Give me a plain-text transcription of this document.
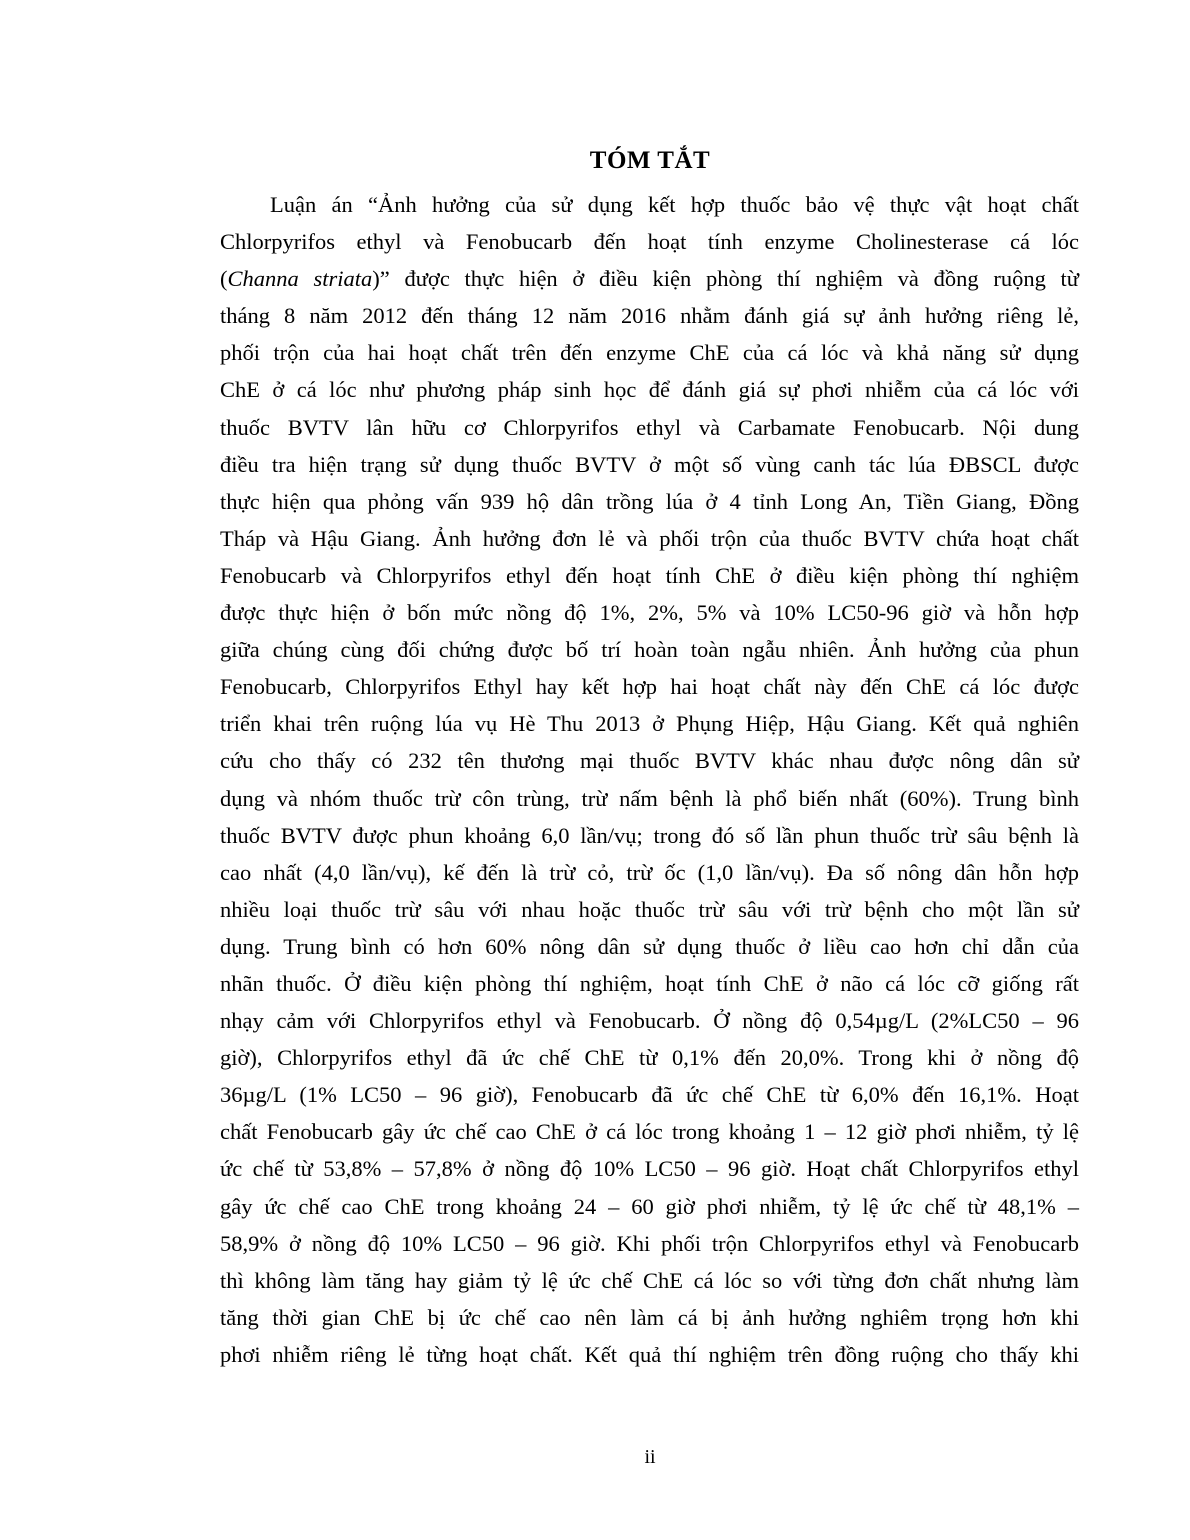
TÓM TẮT
Luận án “Ảnh hưởng của sử dụng kết hợp thuốc bảo vệ thực vật hoạt chất
Chlorpyrifos ethyl và Fenobucarb đến hoạt tính enzyme Cholinesterase cá lóc
(Channa striata)” được thực hiện ở điều kiện phòng thí nghiệm và đồng ruộng từ
tháng 8 năm 2012 đến tháng 12 năm 2016 nhằm đánh giá sự ảnh hưởng riêng lẻ,
phối trộn của hai hoạt chất trên đến enzyme ChE của cá lóc và khả năng sử dụng
ChE ở cá lóc như phương pháp sinh học để đánh giá sự phơi nhiễm của cá lóc với
thuốc BVTV lân hữu cơ Chlorpyrifos ethyl và Carbamate Fenobucarb. Nội dung
điều tra hiện trạng sử dụng thuốc BVTV ở một số vùng canh tác lúa ĐBSCL được
thực hiện qua phỏng vấn 939 hộ dân trồng lúa ở 4 tỉnh Long An, Tiền Giang, Đồng
Tháp và Hậu Giang. Ảnh hưởng đơn lẻ và phối trộn của thuốc BVTV chứa hoạt chất
Fenobucarb và Chlorpyrifos ethyl đến hoạt tính ChE ở điều kiện phòng thí nghiệm
được thực hiện ở bốn mức nồng độ 1%, 2%, 5% và 10% LC50-96 giờ và hỗn hợp
giữa chúng cùng đối chứng được bố trí hoàn toàn ngẫu nhiên. Ảnh hưởng của phun
Fenobucarb, Chlorpyrifos Ethyl hay kết hợp hai hoạt chất này đến ChE cá lóc được
triển khai trên ruộng lúa vụ Hè Thu 2013 ở Phụng Hiệp, Hậu Giang. Kết quả nghiên
cứu cho thấy có 232 tên thương mại thuốc BVTV khác nhau được nông dân sử
dụng và nhóm thuốc trừ côn trùng, trừ nấm bệnh là phổ biến nhất (60%). Trung bình
thuốc BVTV được phun khoảng 6,0 lần/vụ; trong đó số lần phun thuốc trừ sâu bệnh là
cao nhất (4,0 lần/vụ), kế đến là trừ cỏ, trừ ốc (1,0 lần/vụ). Đa số nông dân hỗn hợp
nhiều loại thuốc trừ sâu với nhau hoặc thuốc trừ sâu với trừ bệnh cho một lần sử
dụng. Trung bình có hơn 60% nông dân sử dụng thuốc ở liều cao hơn chỉ dẫn của
nhãn thuốc. Ở điều kiện phòng thí nghiệm, hoạt tính ChE ở não cá lóc cỡ giống rất
nhạy cảm với Chlorpyrifos ethyl và Fenobucarb. Ở nồng độ 0,54µg/L (2%LC50 – 96
giờ), Chlorpyrifos ethyl đã ức chế ChE từ 0,1% đến 20,0%. Trong khi ở nồng độ
36µg/L (1% LC50 – 96 giờ), Fenobucarb đã ức chế ChE từ 6,0% đến 16,1%. Hoạt
chất Fenobucarb gây ức chế cao ChE ở cá lóc trong khoảng 1 – 12 giờ phơi nhiễm, tỷ lệ
ức chế từ 53,8% – 57,8% ở nồng độ 10% LC50 – 96 giờ. Hoạt chất Chlorpyrifos ethyl
gây ức chế cao ChE trong khoảng 24 – 60 giờ phơi nhiễm, tỷ lệ ức chế từ 48,1% –
58,9% ở nồng độ 10% LC50 – 96 giờ. Khi phối trộn Chlorpyrifos ethyl và Fenobucarb
thì không làm tăng hay giảm tỷ lệ ức chế ChE cá lóc so với từng đơn chất nhưng làm
tăng thời gian ChE bị ức chế cao nên làm cá bị ảnh hưởng nghiêm trọng hơn khi
phơi nhiễm riêng lẻ từng hoạt chất. Kết quả thí nghiệm trên đồng ruộng cho thấy khi
ii
